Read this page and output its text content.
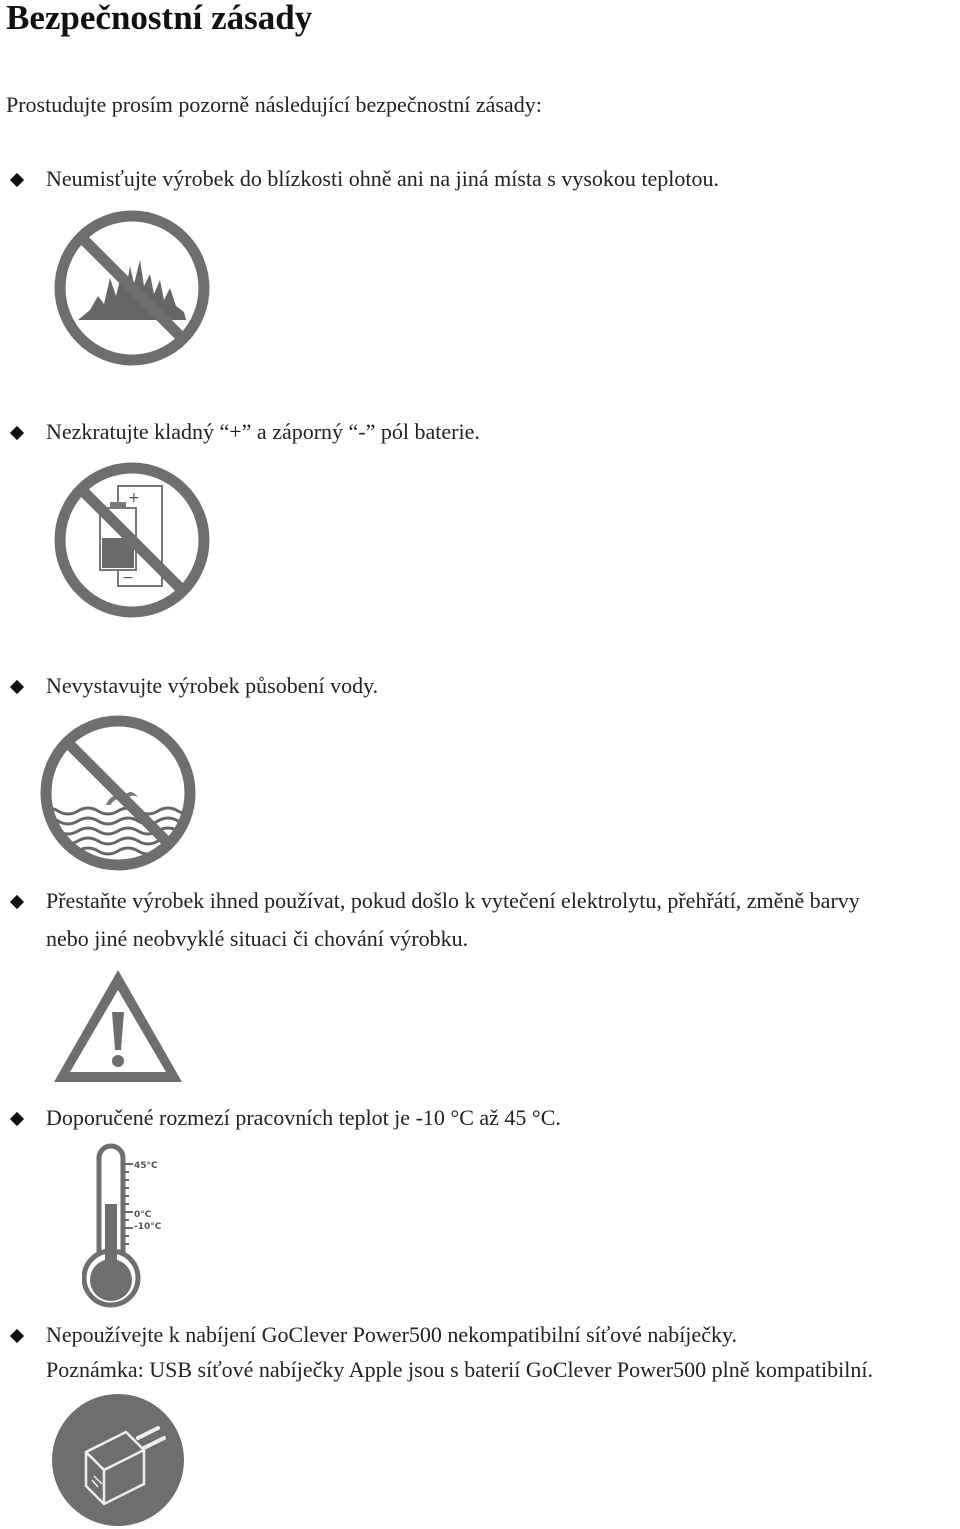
Bezpečnostní zásady
Prostudujte prosím pozorně následující bezpečnostní zásady:
Neumisťujte výrobek do blízkosti ohně ani na jiná místa s vysokou teplotou.
Nezkratujte kladný “+” a záporný “-” pól baterie.
+
−
Nevystavujte výrobek působení vody.
Přestaňte výrobek ihned používat, pokud došlo k vytečení elektrolytu, přehřátí, změně barvy
nebo jiné neobvyklé situaci či chování výrobku.
Doporučené rozmezí pracovních teplot je -10 °C až 45 °C.
45°C
0°C
-10°C
Nepoužívejte k nabíjení GoClever Power500 nekompatibilní síťové nabíječky.
Poznámka: USB síťové nabíječky Apple jsou s baterií GoClever Power500 plně kompatibilní.
